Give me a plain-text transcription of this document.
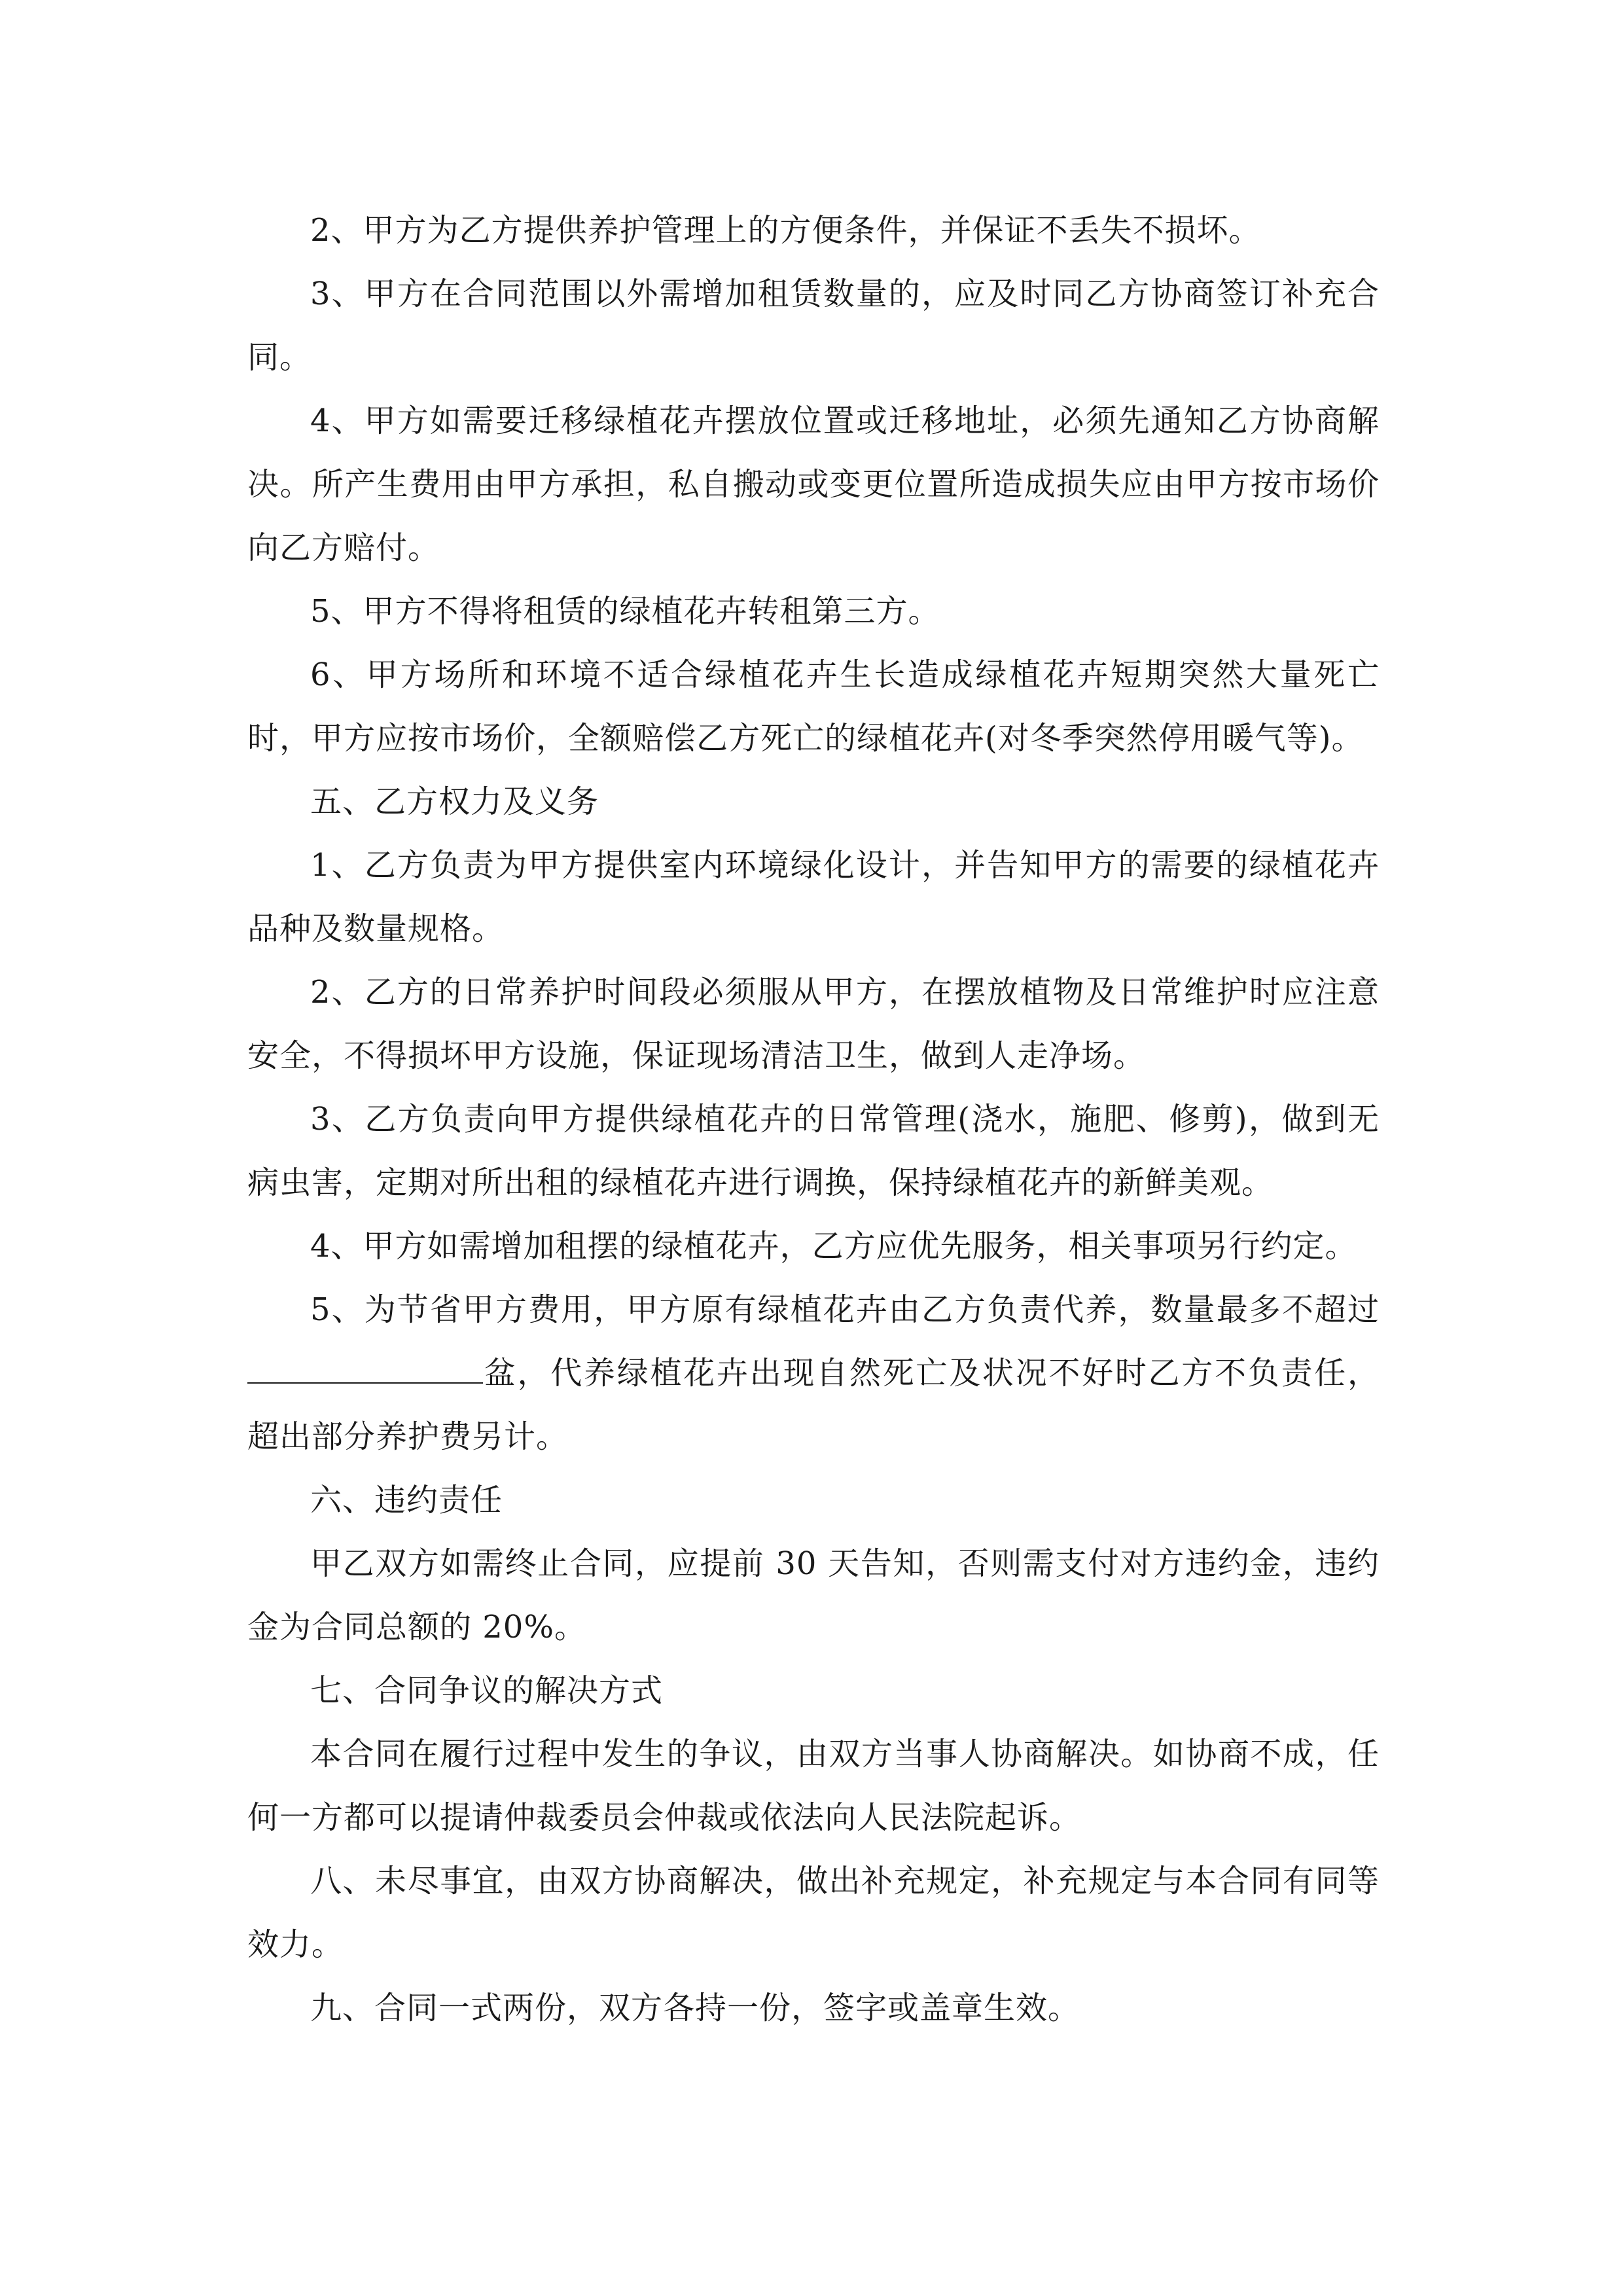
2、甲方为乙方提供养护管理上的方便条件，并保证不丢失不损坏。

3、甲方在合同范围以外需增加租赁数量的，应及时同乙方协商签订补充合同。

4、甲方如需要迁移绿植花卉摆放位置或迁移地址，必须先通知乙方协商解决。所产生费用由甲方承担，私自搬动或变更位置所造成损失应由甲方按市场价向乙方赔付。

5、甲方不得将租赁的绿植花卉转租第三方。

6、甲方场所和环境不适合绿植花卉生长造成绿植花卉短期突然大量死亡时，甲方应按市场价，全额赔偿乙方死亡的绿植花卉(对冬季突然停用暖气等)。

五、乙方权力及义务

1、乙方负责为甲方提供室内环境绿化设计，并告知甲方的需要的绿植花卉品种及数量规格。

2、乙方的日常养护时间段必须服从甲方，在摆放植物及日常维护时应注意安全，不得损坏甲方设施，保证现场清洁卫生，做到人走净场。

3、乙方负责向甲方提供绿植花卉的日常管理(浇水，施肥、修剪)，做到无病虫害，定期对所出租的绿植花卉进行调换，保持绿植花卉的新鲜美观。

4、甲方如需增加租摆的绿植花卉，乙方应优先服务，相关事项另行约定。

5、为节省甲方费用，甲方原有绿植花卉由乙方负责代养，数量最多不超过盆，代养绿植花卉出现自然死亡及状况不好时乙方不负责任，超出部分养护费另计。

六、违约责任

甲乙双方如需终止合同，应提前 30 天告知，否则需支付对方违约金，违约金为合同总额的 20%。

七、合同争议的解决方式

本合同在履行过程中发生的争议，由双方当事人协商解决。如协商不成，任何一方都可以提请仲裁委员会仲裁或依法向人民法院起诉。

八、未尽事宜，由双方协商解决，做出补充规定，补充规定与本合同有同等效力。

九、合同一式两份，双方各持一份，签字或盖章生效。
